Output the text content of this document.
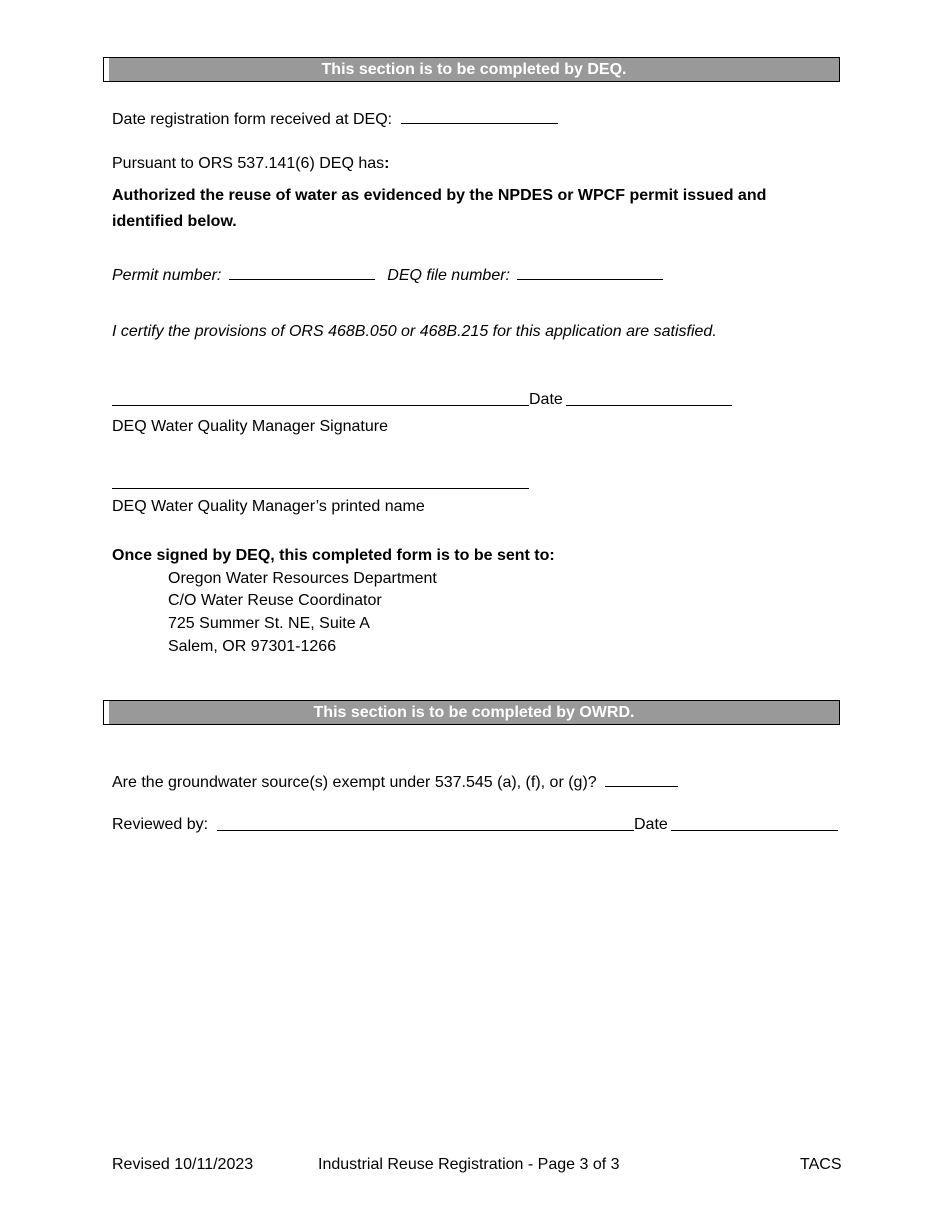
This section is to be completed by DEQ.
Date registration form received at DEQ:
Pursuant to ORS 537.141(6) DEQ has:
Authorized the reuse of water as evidenced by the NPDES or WPCF permit issued and
identified below.
Permit number:	DEQ file number:
I certify the provisions of ORS 468B.050 or 468B.215 for this application are satisfied.
Date
DEQ Water Quality Manager Signature
DEQ Water Quality Manager’s printed name
Once signed by DEQ, this completed form is to be sent to:
Oregon Water Resources Department
C/O Water Reuse Coordinator
725 Summer St. NE, Suite A
Salem, OR 97301-1266
This section is to be completed by OWRD.
Are the groundwater source(s) exempt under 537.545 (a), (f), or (g)?
Reviewed by:	Date
Revised 10/11/2023	Industrial Reuse Registration - Page 3 of 3	TACS
